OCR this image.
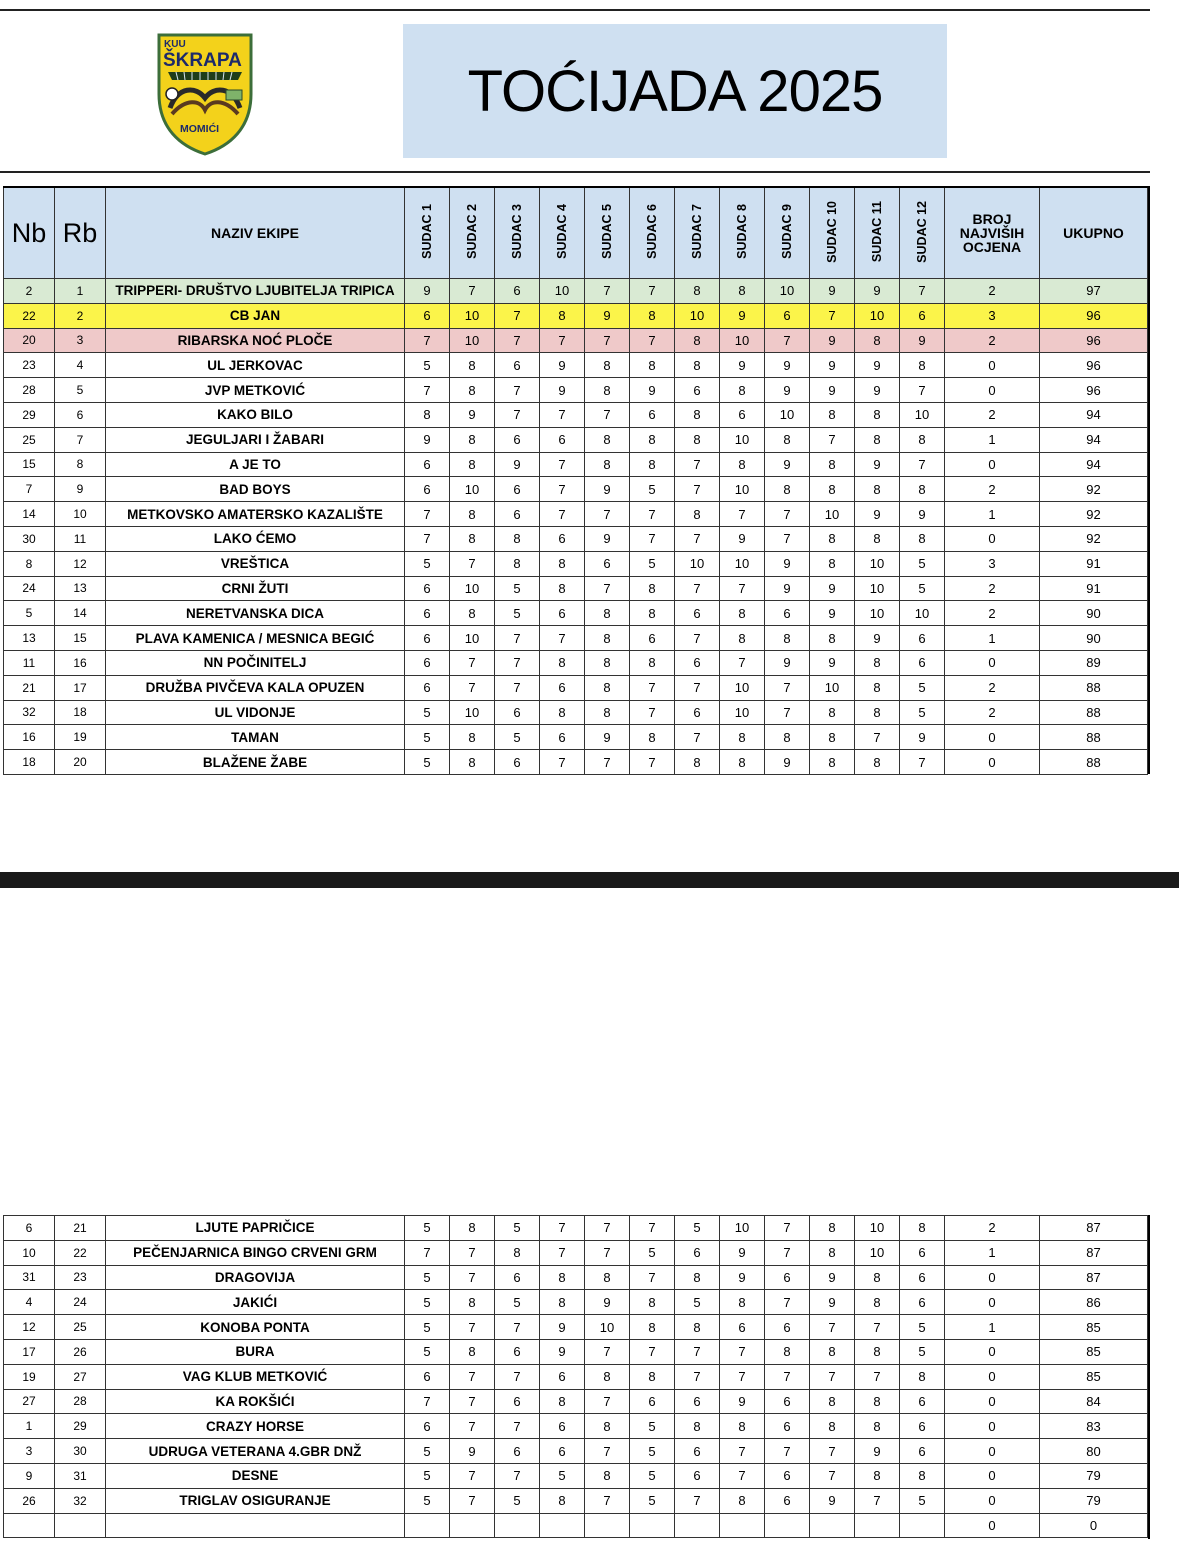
KUU
ŠKRAPA
MOMIĆI
TOĆIJADA 2025
Nb	Rb	NAZIV EKIPE	SUDAC 1	SUDAC 2	SUDAC 3	SUDAC 4	SUDAC 5	SUDAC 6	SUDAC 7	SUDAC 8	SUDAC 9	SUDAC 10	SUDAC 11	SUDAC 12	BROJ
NAJVIŠIH
OCJENA	UKUPNO
2	1	TRIPPERI- DRUŠTVO LJUBITELJA TRIPICA	9	7	6	10	7	7	8	8	10	9	9	7	2	97
22	2	CB JAN	6	10	7	8	9	8	10	9	6	7	10	6	3	96
20	3	RIBARSKA NOĆ PLOČE	7	10	7	7	7	7	8	10	7	9	8	9	2	96
23	4	UL JERKOVAC	5	8	6	9	8	8	8	9	9	9	9	8	0	96
28	5	JVP METKOVIĆ	7	8	7	9	8	9	6	8	9	9	9	7	0	96
29	6	KAKO BILO	8	9	7	7	7	6	8	6	10	8	8	10	2	94
25	7	JEGULJARI I ŽABARI	9	8	6	6	8	8	8	10	8	7	8	8	1	94
15	8	A JE TO	6	8	9	7	8	8	7	8	9	8	9	7	0	94
7	9	BAD BOYS	6	10	6	7	9	5	7	10	8	8	8	8	2	92
14	10	METKOVSKO AMATERSKO KAZALIŠTE	7	8	6	7	7	7	8	7	7	10	9	9	1	92
30	11	LAKO ĆEMO	7	8	8	6	9	7	7	9	7	8	8	8	0	92
8	12	VREŠTICA	5	7	8	8	6	5	10	10	9	8	10	5	3	91
24	13	CRNI ŽUTI	6	10	5	8	7	8	7	7	9	9	10	5	2	91
5	14	NERETVANSKA DICA	6	8	5	6	8	8	6	8	6	9	10	10	2	90
13	15	PLAVA KAMENICA / MESNICA BEGIĆ	6	10	7	7	8	6	7	8	8	8	9	6	1	90
11	16	NN POČINITELJ	6	7	7	8	8	8	6	7	9	9	8	6	0	89
21	17	DRUŽBA PIVČEVA KALA OPUZEN	6	7	7	6	8	7	7	10	7	10	8	5	2	88
32	18	UL VIDONJE	5	10	6	8	8	7	6	10	7	8	8	5	2	88
16	19	TAMAN	5	8	5	6	9	8	7	8	8	8	7	9	0	88
18	20	BLAŽENE ŽABE	5	8	6	7	7	7	8	8	9	8	8	7	0	88
6	21	LJUTE PAPRIČICE	5	8	5	7	7	7	5	10	7	8	10	8	2	87
10	22	PEČENJARNICA BINGO CRVENI GRM	7	7	8	7	7	5	6	9	7	8	10	6	1	87
31	23	DRAGOVIJA	5	7	6	8	8	7	8	9	6	9	8	6	0	87
4	24	JAKIĆI	5	8	5	8	9	8	5	8	7	9	8	6	0	86
12	25	KONOBA PONTA	5	7	7	9	10	8	8	6	6	7	7	5	1	85
17	26	BURA	5	8	6	9	7	7	7	7	8	8	8	5	0	85
19	27	VAG KLUB METKOVIĆ	6	7	7	6	8	8	7	7	7	7	7	8	0	85
27	28	KA ROKŠIĆI	7	7	6	8	7	6	6	9	6	8	8	6	0	84
1	29	CRAZY HORSE	6	7	7	6	8	5	8	8	6	8	8	6	0	83
3	30	UDRUGA VETERANA 4.GBR DNŽ	5	9	6	6	7	5	6	7	7	7	9	6	0	80
9	31	DESNE	5	7	7	5	8	5	6	7	6	7	8	8	0	79
26	32	TRIGLAV OSIGURANJE	5	7	5	8	7	5	7	8	6	9	7	5	0	79
															0	0
